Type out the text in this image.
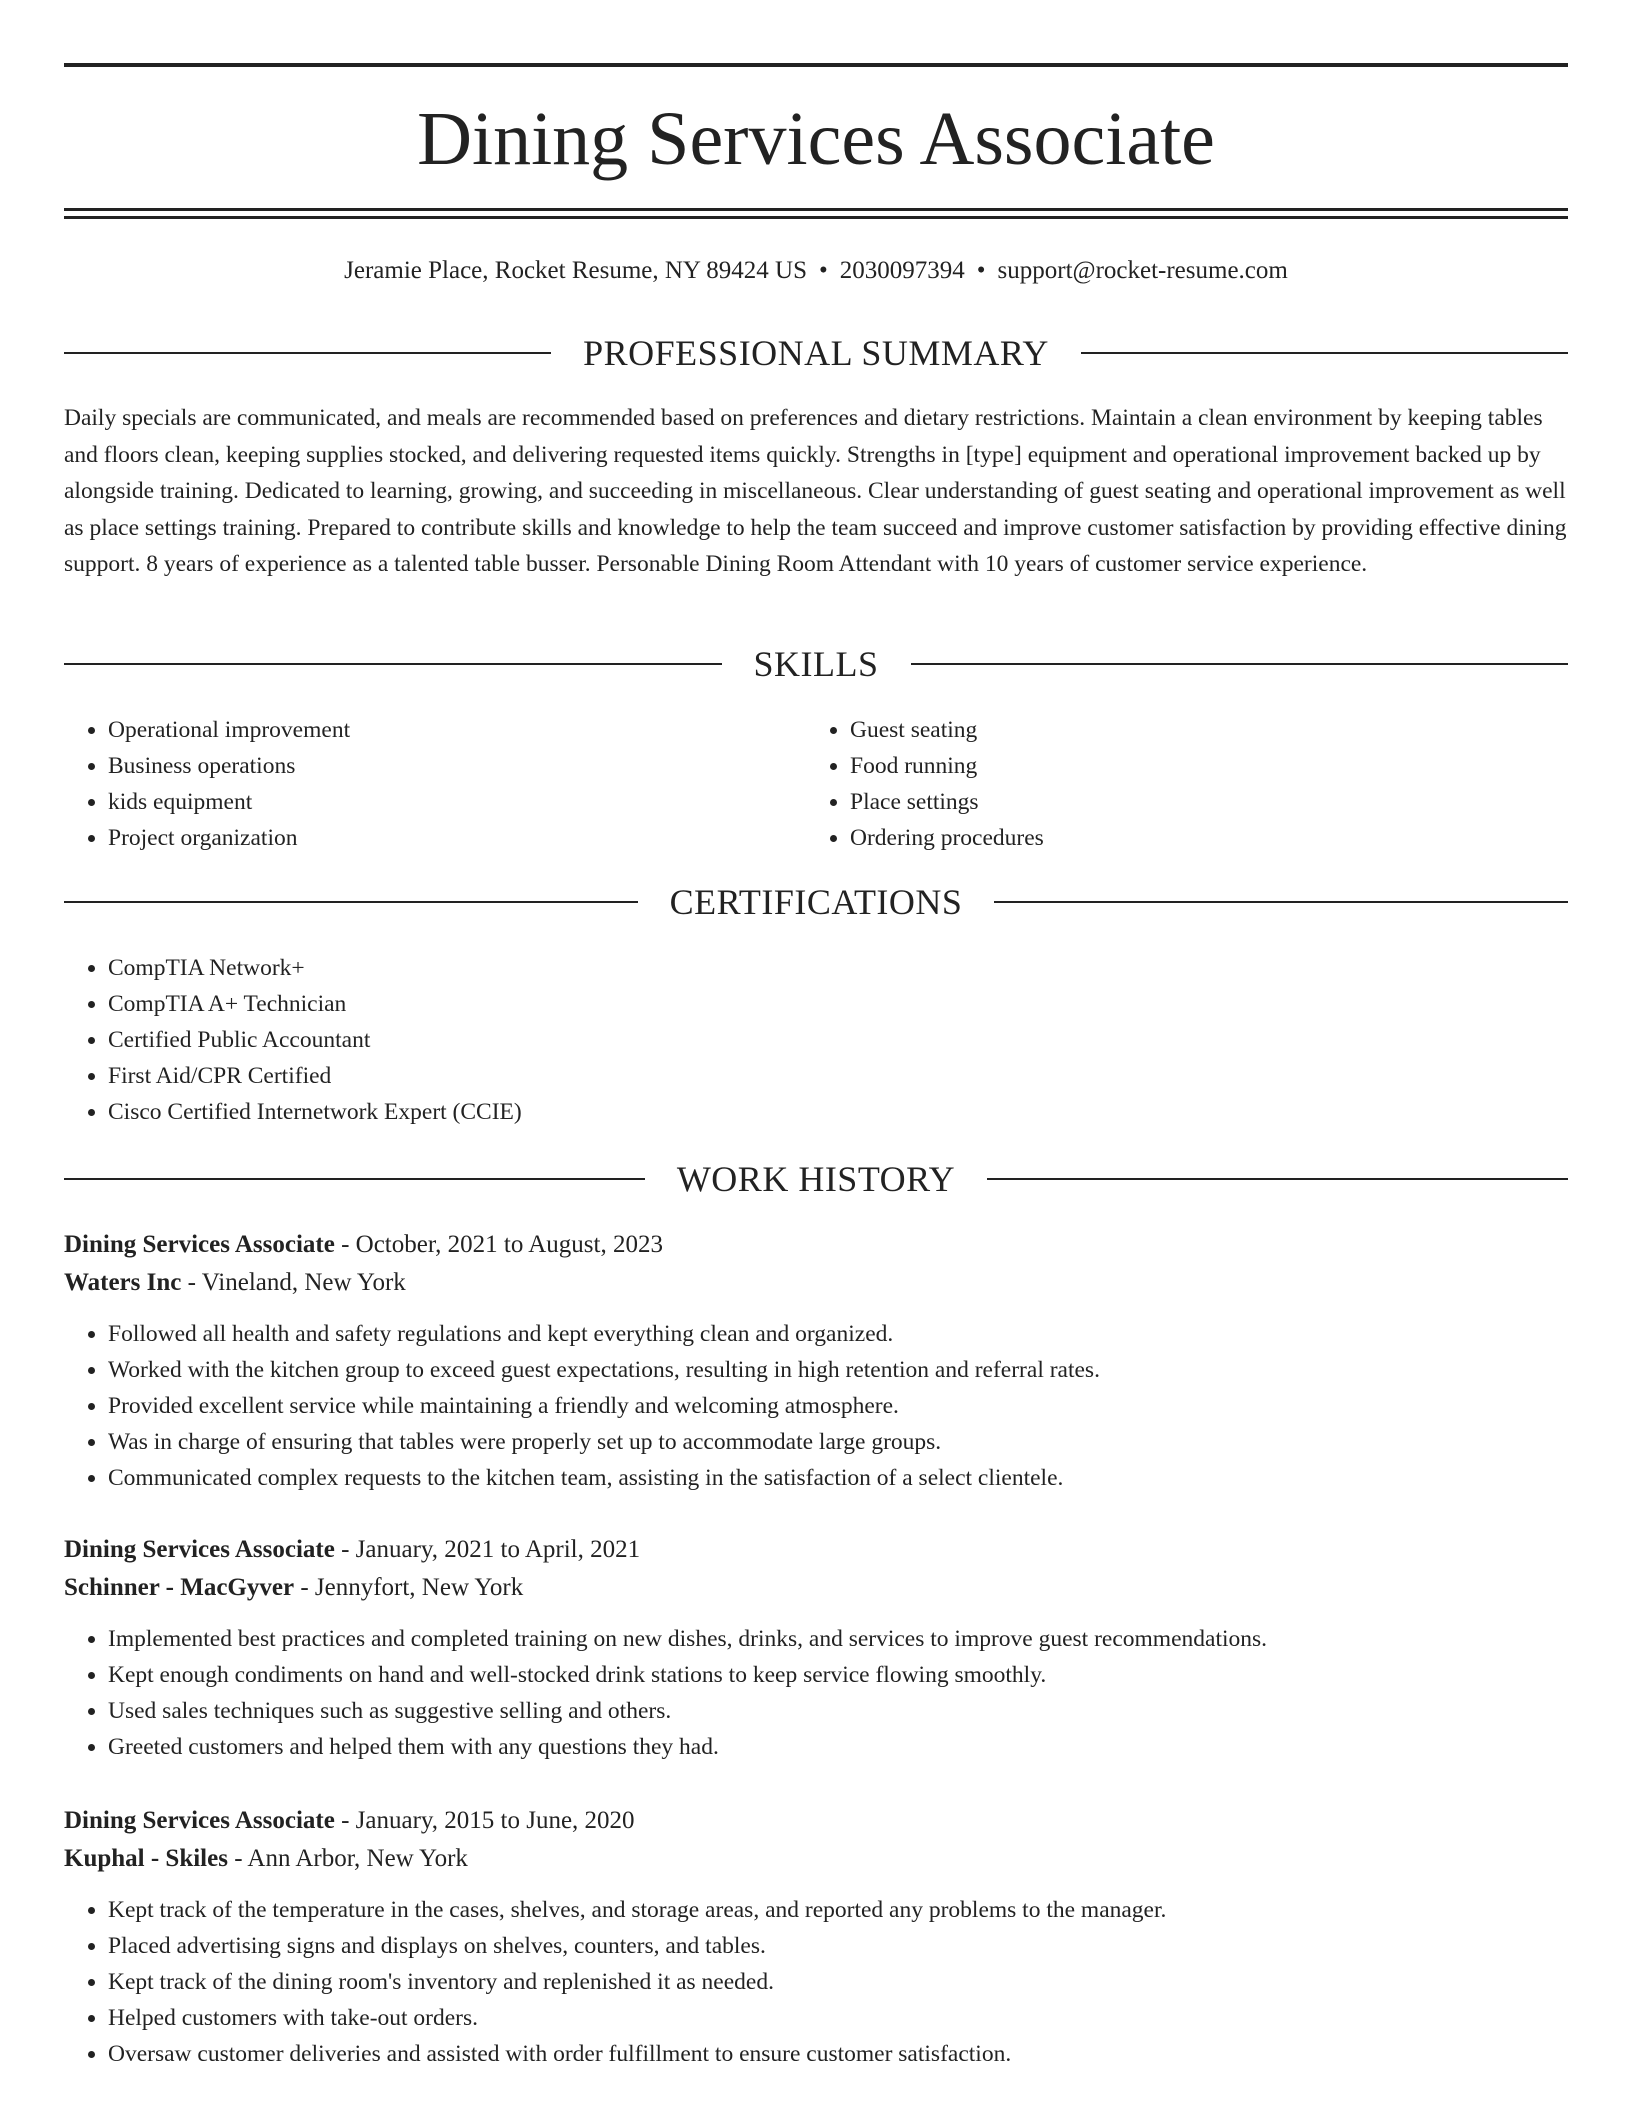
Dining Services Associate
Jeramie Place, Rocket Resume, NY 89424 US • 2030097394 • support@rocket-resume.com
PROFESSIONAL SUMMARY

Daily specials are communicated, and meals are recommended based on preferences and dietary restrictions. Maintain a clean environment by keeping tables and floors clean, keeping supplies stocked, and delivering requested items quickly. Strengths in [type] equipment and operational improvement backed up by alongside training. Dedicated to learning, growing, and succeeding in miscellaneous. Clear understanding of guest seating and operational improvement as well as place settings training. Prepared to contribute skills and knowledge to help the team succeed and improve customer satisfaction by providing effective dining support. 8 years of experience as a talented table busser. Personable Dining Room Attendant with 10 years of customer service experience.

SKILLS
• Operational improvement
• Business operations
• kids equipment
• Project organization
• Guest seating
• Food running
• Place settings
• Ordering procedures
CERTIFICATIONS
• CompTIA Network+
• CompTIA A+ Technician
• Certified Public Accountant
• First Aid/CPR Certified
• Cisco Certified Internetwork Expert (CCIE)
WORK HISTORY
Dining Services Associate - October, 2021 to August, 2023
Waters Inc - Vineland, New York
• Followed all health and safety regulations and kept everything clean and organized.
• Worked with the kitchen group to exceed guest expectations, resulting in high retention and referral rates.
• Provided excellent service while maintaining a friendly and welcoming atmosphere.
• Was in charge of ensuring that tables were properly set up to accommodate large groups.
• Communicated complex requests to the kitchen team, assisting in the satisfaction of a select clientele.
Dining Services Associate - January, 2021 to April, 2021
Schinner - MacGyver - Jennyfort, New York
• Implemented best practices and completed training on new dishes, drinks, and services to improve guest recommendations.
• Kept enough condiments on hand and well-stocked drink stations to keep service flowing smoothly.
• Used sales techniques such as suggestive selling and others.
• Greeted customers and helped them with any questions they had.
Dining Services Associate - January, 2015 to June, 2020
Kuphal - Skiles - Ann Arbor, New York
• Kept track of the temperature in the cases, shelves, and storage areas, and reported any problems to the manager.
• Placed advertising signs and displays on shelves, counters, and tables.
• Kept track of the dining room's inventory and replenished it as needed.
• Helped customers with take-out orders.
• Oversaw customer deliveries and assisted with order fulfillment to ensure customer satisfaction.
